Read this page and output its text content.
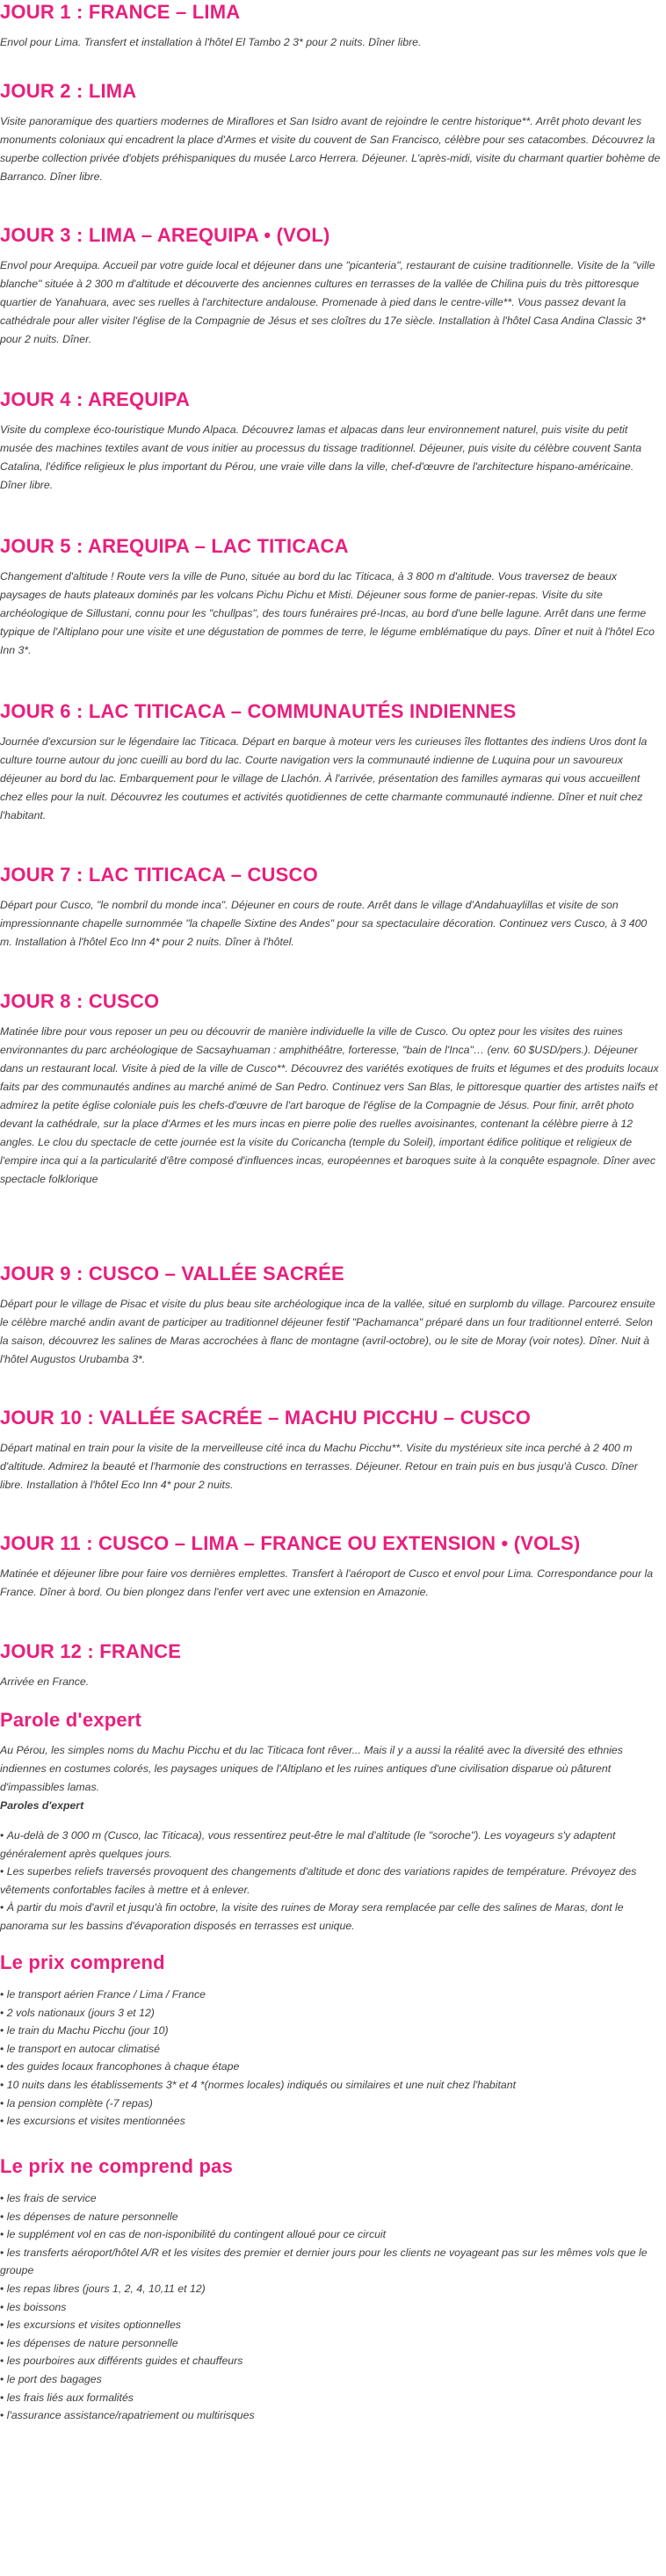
JOUR 1 : FRANCE – LIMA

Envol pour Lima. Transfert et installation à l'hôtel El Tambo 2 3* pour 2 nuits. Dîner libre.

JOUR 2 : LIMA

Visite panoramique des quartiers modernes de Miraflores et San Isidro avant de rejoindre le centre historique**. Arrêt photo devant les monuments coloniaux qui encadrent la place d'Armes et visite du couvent de San Francisco, célèbre pour ses catacombes. Découvrez la superbe collection privée d'objets préhispaniques du musée Larco Herrera. Déjeuner. L'après-midi, visite du charmant quartier bohème de Barranco. Dîner libre.

JOUR 3 : LIMA – AREQUIPA • (VOL)

Envol pour Arequipa. Accueil par votre guide local et déjeuner dans une "picanteria", restaurant de cuisine traditionnelle. Visite de la "ville blanche" située à 2 300 m d'altitude et découverte des anciennes cultures en terrasses de la vallée de Chilina puis du très pittoresque quartier de Yanahuara, avec ses ruelles à l'architecture andalouse. Promenade à pied dans le centre-ville**. Vous passez devant la cathédrale pour aller visiter l'église de la Compagnie de Jésus et ses cloîtres du 17e siècle. Installation à l'hôtel Casa Andina Classic 3* pour 2 nuits. Dîner.

JOUR 4 : AREQUIPA

Visite du complexe éco-touristique Mundo Alpaca. Découvrez lamas et alpacas dans leur environnement naturel, puis visite du petit musée des machines textiles avant de vous initier au processus du tissage traditionnel. Déjeuner, puis visite du célèbre couvent Santa Catalina, l'édifice religieux le plus important du Pérou, une vraie ville dans la ville, chef-d'œuvre de l'architecture hispano-américaine. Dîner libre.

JOUR 5 : AREQUIPA – LAC TITICACA

Changement d'altitude ! Route vers la ville de Puno, située au bord du lac Titicaca, à 3 800 m d'altitude. Vous traversez de beaux paysages de hauts plateaux dominés par les volcans Pichu Pichu et Misti. Déjeuner sous forme de panier-repas. Visite du site archéologique de Sillustani, connu pour les "chullpas", des tours funéraires pré-Incas, au bord d'une belle lagune. Arrêt dans une ferme typique de l'Altiplano pour une visite et une dégustation de pommes de terre, le légume emblématique du pays. Dîner et nuit à l'hôtel Eco Inn 3*.

JOUR 6 : LAC TITICACA – COMMUNAUTÉS INDIENNES

Journée d'excursion sur le légendaire lac Titicaca. Départ en barque à moteur vers les curieuses îles flottantes des indiens Uros dont la culture tourne autour du jonc cueilli au bord du lac. Courte navigation vers la communauté indienne de Luquina pour un savoureux déjeuner au bord du lac. Embarquement pour le village de Llachón. À l'arrivée, présentation des familles aymaras qui vous accueillent chez elles pour la nuit. Découvrez les coutumes et activités quotidiennes de cette charmante communauté indienne. Dîner et nuit chez l'habitant.

JOUR 7 : LAC TITICACA – CUSCO

Départ pour Cusco, "le nombril du monde inca". Déjeuner en cours de route. Arrêt dans le village d'Andahuaylillas et visite de son impressionnante chapelle surnommée "la chapelle Sixtine des Andes" pour sa spectaculaire décoration. Continuez vers Cusco, à 3 400 m. Installation à l'hôtel Eco Inn 4* pour 2 nuits. Dîner à l'hôtel.

JOUR 8 : CUSCO

Matinée libre pour vous reposer un peu ou découvrir de manière individuelle la ville de Cusco. Ou optez pour les visites des ruines environnantes du parc archéologique de Sacsayhuaman : amphithéâtre, forteresse, "bain de l'Inca"… (env. 60 $USD/pers.). Déjeuner dans un restaurant local. Visite à pied de la ville de Cusco**. Découvrez des variétés exotiques de fruits et légumes et des produits locaux faits par des communautés andines au marché animé de San Pedro. Continuez vers San Blas, le pittoresque quartier des artistes naïfs et admirez la petite église coloniale puis les chefs-d'œuvre de l'art baroque de l'église de la Compagnie de Jésus. Pour finir, arrêt photo devant la cathédrale, sur la place d'Armes et les murs incas en pierre polie des ruelles avoisinantes, contenant la célèbre pierre à 12 angles. Le clou du spectacle de cette journée est la visite du Coricancha (temple du Soleil), important édifice politique et religieux de l'empire inca qui a la particularité d'être composé d'influences incas, européennes et baroques suite à la conquête espagnole. Dîner avec spectacle folklorique

JOUR 9 : CUSCO – VALLÉE SACRÉE

Départ pour le village de Pisac et visite du plus beau site archéologique inca de la vallée, situé en surplomb du village. Parcourez ensuite le célèbre marché andin avant de participer au traditionnel déjeuner festif "Pachamanca" préparé dans un four traditionnel enterré. Selon la saison, découvrez les salines de Maras accrochées à flanc de montagne (avril-octobre), ou le site de Moray (voir notes). Dîner. Nuit à l'hôtel Augustos Urubamba 3*.

JOUR 10 : VALLÉE SACRÉE – MACHU PICCHU – CUSCO

Départ matinal en train pour la visite de la merveilleuse cité inca du Machu Picchu**. Visite du mystérieux site inca perché à 2 400 m d'altitude. Admirez la beauté et l'harmonie des constructions en terrasses. Déjeuner. Retour en train puis en bus jusqu'à Cusco. Dîner libre. Installation à l'hôtel Eco Inn 4* pour 2 nuits.

JOUR 11 : CUSCO – LIMA – FRANCE OU EXTENSION • (VOLS)

Matinée et déjeuner libre pour faire vos dernières emplettes. Transfert à l'aéroport de Cusco et envol pour Lima. Correspondance pour la France. Dîner à bord. Ou bien plongez dans l'enfer vert avec une extension en Amazonie.

JOUR 12 : FRANCE

Arrivée en France.

Parole d'expert

Au Pérou, les simples noms du Machu Picchu et du lac Titicaca font rêver... Mais il y a aussi la réalité avec la diversité des ethnies indiennes en costumes colorés, les paysages uniques de l'Altiplano et les ruines antiques d'une civilisation disparue où pâturent d'impassibles lamas.

Paroles d'expert
• Au-delà de 3 000 m (Cusco, lac Titicaca), vous ressentirez peut-être le mal d'altitude (le "soroche"). Les voyageurs s'y adaptent généralement après quelques jours.
• Les superbes reliefs traversés provoquent des changements d'altitude et donc des variations rapides de température. Prévoyez des vêtements confortables faciles à mettre et à enlever.
• À partir du mois d'avril et jusqu'à fin octobre, la visite des ruines de Moray sera remplacée par celle des salines de Maras, dont le panorama sur les bassins d'évaporation disposés en terrasses est unique.
Le prix comprend
• le transport aérien France / Lima / France
• 2 vols nationaux (jours 3 et 12)
• le train du Machu Picchu (jour 10)
• le transport en autocar climatisé
• des guides locaux francophones à chaque étape
• 10 nuits dans les établissements 3* et 4 *(normes locales) indiqués ou similaires et une nuit chez l'habitant
• la pension complète (-7 repas)
• les excursions et visites mentionnées
Le prix ne comprend pas
• les frais de service
• les dépenses de nature personnelle
• le supplément vol en cas de non-isponibilité du contingent alloué pour ce circuit
• les transferts aéroport/hôtel A/R et les visites des premier et dernier jours pour les clients ne voyageant pas sur les mêmes vols que le groupe
• les repas libres (jours 1, 2, 4, 10,11 et 12)
• les boissons
• les excursions et visites optionnelles
• les dépenses de nature personnelle
• les pourboires aux différents guides et chauffeurs
• le port des bagages
• les frais liés aux formalités
• l'assurance assistance/rapatriement ou multirisques
